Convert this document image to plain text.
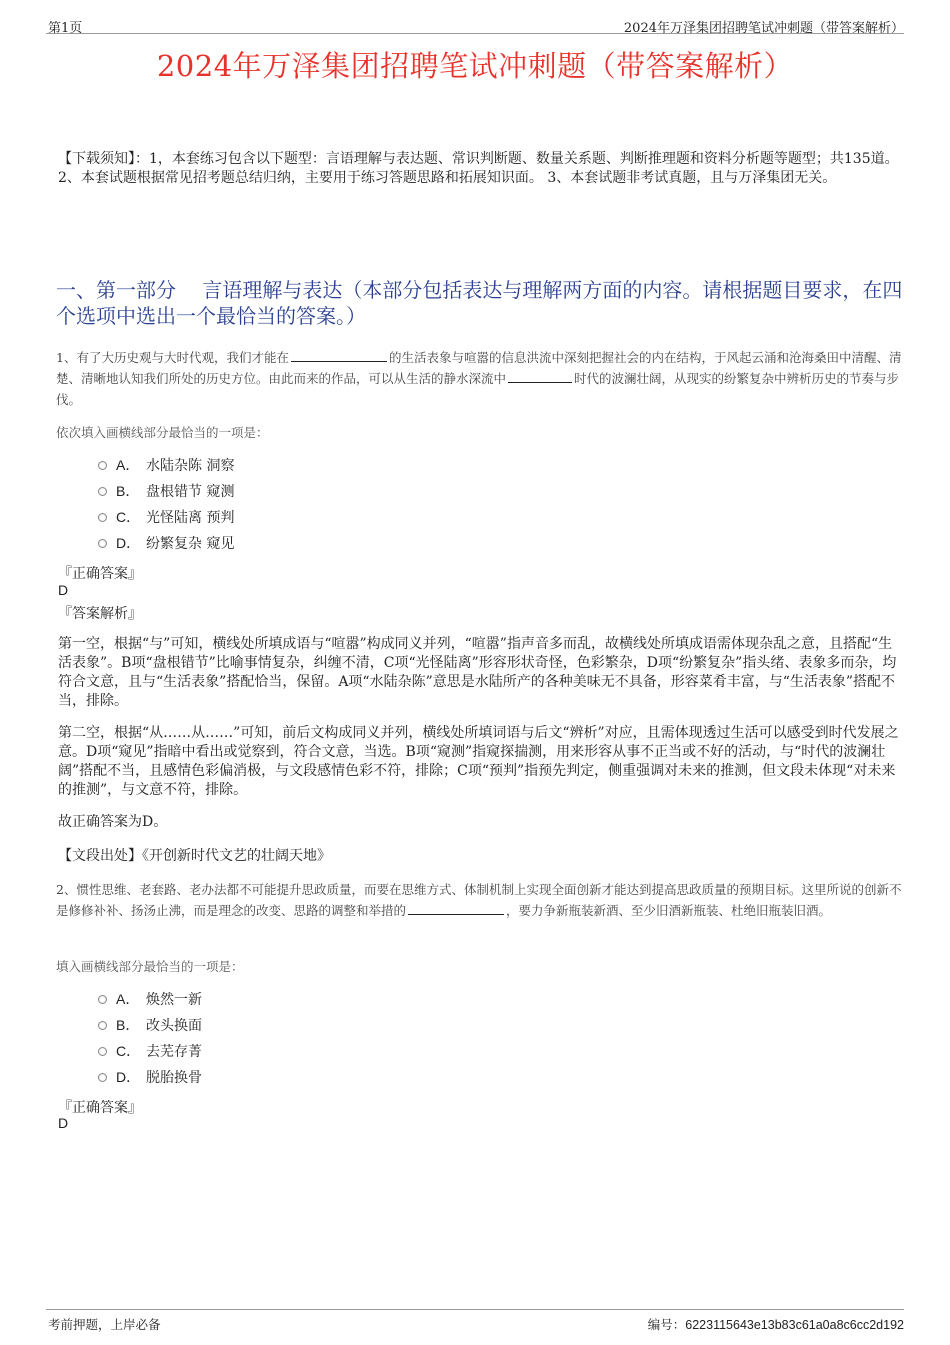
第1页	2024年万泽集团招聘笔试冲刺题（带答案解析）
2024年万泽集团招聘笔试冲刺题（带答案解析）
【下载须知】：1，本套练习包含以下题型：言语理解与表达题、常识判断题、数量关系题、判断推理题和资料分析题等题型；共135道。 2、本套试题根据常见招考题总结归纳，主要用于练习答题思路和拓展知识面。 3、本套试题非考试真题，且与万泽集团无关。
一、第一部分　 言语理解与表达（本部分包括表达与理解两方面的内容。请根据题目要求，在四个选项中选出一个最恰当的答案。）
1、有了大历史观与大时代观，我们才能在	的生活表象与喧嚣的信息洪流中深刻把握社会的内在结构，于风起云涌和沧海桑田中清醒、清楚、清晰地认知我们所处的历史方位。由此而来的作品，可以从生活的静水深流中	时代的波澜壮阔，从现实的纷繁复杂中辨析历史的节奏与步伐。
依次填入画横线部分最恰当的一项是：
A． 水陆杂陈 洞察
B． 盘根错节 窥测
C． 光怪陆离 预判
D． 纷繁复杂 窥见
『正确答案』
D
『答案解析』
第一空，根据“与”可知，横线处所填成语与“喧嚣”构成同义并列，“喧嚣”指声音多而乱，故横线处所填成语需体现杂乱之意，且搭配“生活表象”。B项“盘根错节”比喻事情复杂，纠缠不清，C项“光怪陆离”形容形状奇怪，色彩繁杂，D项“纷繁复杂”指头绪、表象多而杂，均符合文意，且与“生活表象”搭配恰当，保留。A项“水陆杂陈”意思是水陆所产的各种美味无不具备，形容菜肴丰富，与“生活表象”搭配不当，排除。
第二空，根据“从……从……”可知，前后文构成同义并列，横线处所填词语与后文“辨析”对应，且需体现透过生活可以感受到时代发展之意。D项“窥见”指暗中看出或觉察到，符合文意，当选。B项“窥测”指窥探揣测，用来形容从事不正当或不好的活动，与“时代的波澜壮阔”搭配不当，且感情色彩偏消极，与文段感情色彩不符，排除；C项“预判”指预先判定，侧重强调对未来的推测，但文段未体现“对未来的推测”，与文意不符，排除。
故正确答案为D。
【文段出处】《开创新时代文艺的壮阔天地》
2、惯性思维、老套路、老办法都不可能提升思政质量，而要在思维方式、体制机制上实现全面创新才能达到提高思政质量的预期目标。这里所说的创新不是修修补补、扬汤止沸，而是理念的改变、思路的调整和举措的	，要力争新瓶装新酒、至少旧酒新瓶装、杜绝旧瓶装旧酒。
填入画横线部分最恰当的一项是：
A． 焕然一新
B． 改头换面
C． 去芜存菁
D． 脱胎换骨
『正确答案』
D
考前押题，上岸必备	编号：6223115643e13b83c61a0a8c6cc2d192
